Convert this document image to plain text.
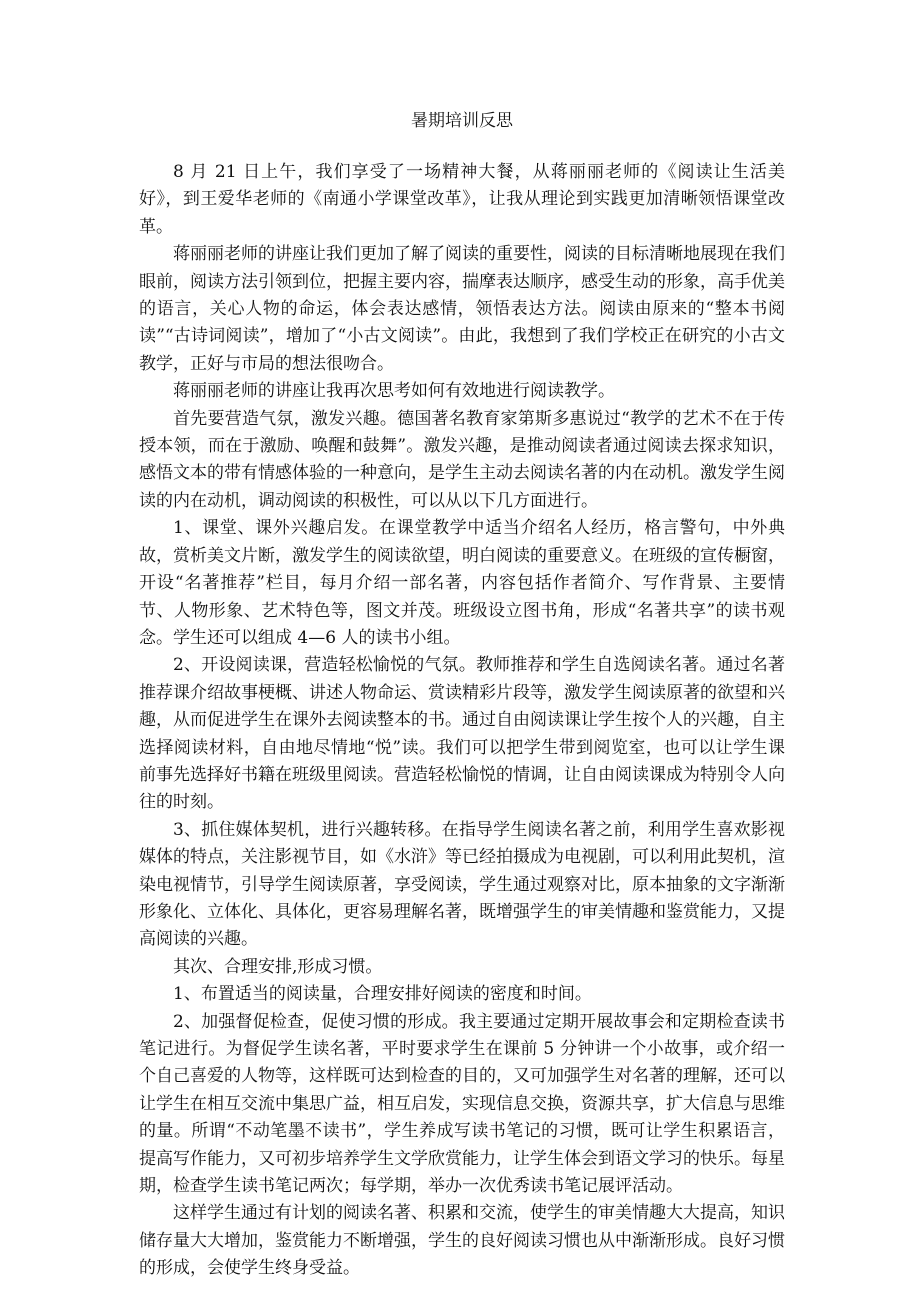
暑期培训反思

8 月 21 日上午，我们享受了一场精神大餐，从蒋丽丽老师的《阅读让生活美好》，到王爱华老师的《南通小学课堂改革》，让我从理论到实践更加清晰领悟课堂改革。

蒋丽丽老师的讲座让我们更加了解了阅读的重要性，阅读的目标清晰地展现在我们眼前，阅读方法引领到位，把握主要内容，揣摩表达顺序，感受生动的形象，高手优美的语言，关心人物的命运，体会表达感情，领悟表达方法。阅读由原来的“整本书阅读”“古诗词阅读”，增加了“小古文阅读”。由此，我想到了我们学校正在研究的小古文教学，正好与市局的想法很吻合。

蒋丽丽老师的讲座让我再次思考如何有效地进行阅读教学。

首先要营造气氛，激发兴趣。德国著名教育家第斯多惠说过“教学的艺术不在于传授本领，而在于激励、唤醒和鼓舞”。激发兴趣，是推动阅读者通过阅读去探求知识，感悟文本的带有情感体验的一种意向，是学生主动去阅读名著的内在动机。激发学生阅读的内在动机，调动阅读的积极性，可以从以下几方面进行。

1、课堂、课外兴趣启发。在课堂教学中适当介绍名人经历，格言警句，中外典故，赏析美文片断，激发学生的阅读欲望，明白阅读的重要意义。在班级的宣传橱窗，开设“名著推荐”栏目，每月介绍一部名著，内容包括作者简介、写作背景、主要情节、人物形象、艺术特色等，图文并茂。班级设立图书角，形成“名著共享”的读书观念。学生还可以组成 4—6 人的读书小组。

2、开设阅读课，营造轻松愉悦的气氛。教师推荐和学生自选阅读名著。通过名著推荐课介绍故事梗概、讲述人物命运、赏读精彩片段等，激发学生阅读原著的欲望和兴趣，从而促进学生在课外去阅读整本的书。通过自由阅读课让学生按个人的兴趣，自主选择阅读材料，自由地尽情地“悦”读。我们可以把学生带到阅览室，也可以让学生课前事先选择好书籍在班级里阅读。营造轻松愉悦的情调，让自由阅读课成为特别令人向往的时刻。

3、抓住媒体契机，进行兴趣转移。在指导学生阅读名著之前，利用学生喜欢影视媒体的特点，关注影视节目，如《水浒》等已经拍摄成为电视剧，可以利用此契机，渲染电视情节，引导学生阅读原著，享受阅读，学生通过观察对比，原本抽象的文字渐渐形象化、立体化、具体化，更容易理解名著，既增强学生的审美情趣和鉴赏能力，又提高阅读的兴趣。

其次、合理安排,形成习惯。

1、布置适当的阅读量，合理安排好阅读的密度和时间。

2、加强督促检查，促使习惯的形成。我主要通过定期开展故事会和定期检查读书笔记进行。为督促学生读名著，平时要求学生在课前 5 分钟讲一个小故事，或介绍一个自己喜爱的人物等，这样既可达到检查的目的，又可加强学生对名著的理解，还可以让学生在相互交流中集思广益，相互启发，实现信息交换，资源共享，扩大信息与思维的量。所谓“不动笔墨不读书”，学生养成写读书笔记的习惯，既可让学生积累语言，提高写作能力，又可初步培养学生文学欣赏能力，让学生体会到语文学习的快乐。每星期，检查学生读书笔记两次；每学期，举办一次优秀读书笔记展评活动。

这样学生通过有计划的阅读名著、积累和交流，使学生的审美情趣大大提高，知识储存量大大增加，鉴赏能力不断增强，学生的良好阅读习惯也从中渐渐形成。良好习惯的形成，会使学生终身受益。
